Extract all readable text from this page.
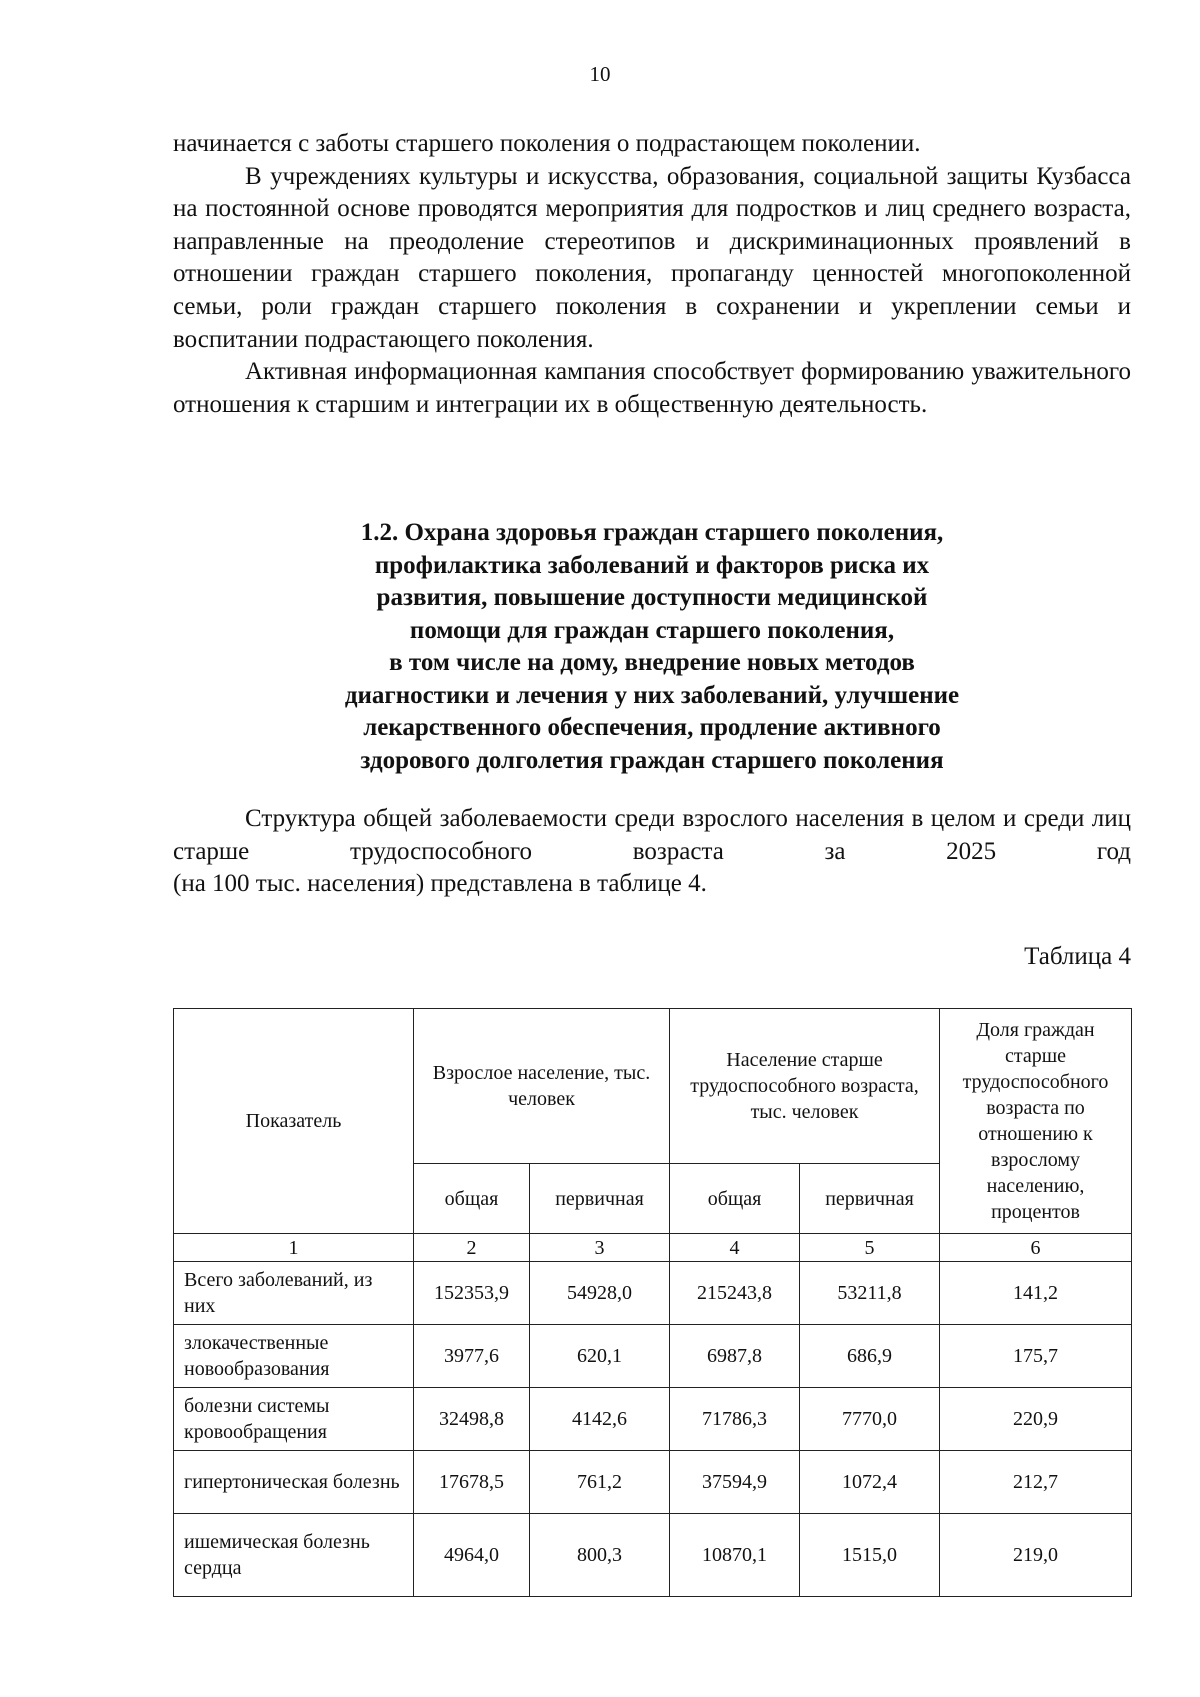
10

начинается с заботы старшего поколения о подрастающем поколении.

В учреждениях культуры и искусства, образования, социальной защиты Кузбасса на постоянной основе проводятся мероприятия для подростков и лиц среднего возраста, направленные на преодоление стереотипов и дискриминационных проявлений в отношении граждан старшего поколения, пропаганду ценностей многопоколенной семьи, роли граждан старшего поколения в сохранении и укреплении семьи и воспитании подрастающего поколения.

Активная информационная кампания способствует формированию уважительного отношения к старшим и интеграции их в общественную деятельность.

1.2. Охрана здоровья граждан старшего поколения,
профилактика заболеваний и факторов риска их
развития, повышение доступности медицинской
помощи для граждан старшего поколения,
в том числе на дому, внедрение новых методов
диагностики и лечения у них заболеваний, улучшение
лекарственного обеспечения, продление активного
здорового долголетия граждан старшего поколения

Структура общей заболеваемости среди взрослого населения в целом и среди лиц старше трудоспособного возраста за 2025 год

(на 100 тыс. населения) представлена в таблице 4.

Таблица 4
Показатель	Взрослое население, тыс. человек		Население старше трудоспособного возраста, тыс. человек		Доля граждан старше трудоспособного возраста по отношению к взрослому населению, процентов
	общая	первичная	общая	первичная	
1	2	3	4	5	6
Всего заболеваний, из них	152353,9	54928,0	215243,8	53211,8	141,2
злокачественные новообразования	3977,6	620,1	6987,8	686,9	175,7
болезни системы кровообращения	32498,8	4142,6	71786,3	7770,0	220,9
гипертоническая болезнь	17678,5	761,2	37594,9	1072,4	212,7
ишемическая болезнь сердца	4964,0	800,3	10870,1	1515,0	219,0
